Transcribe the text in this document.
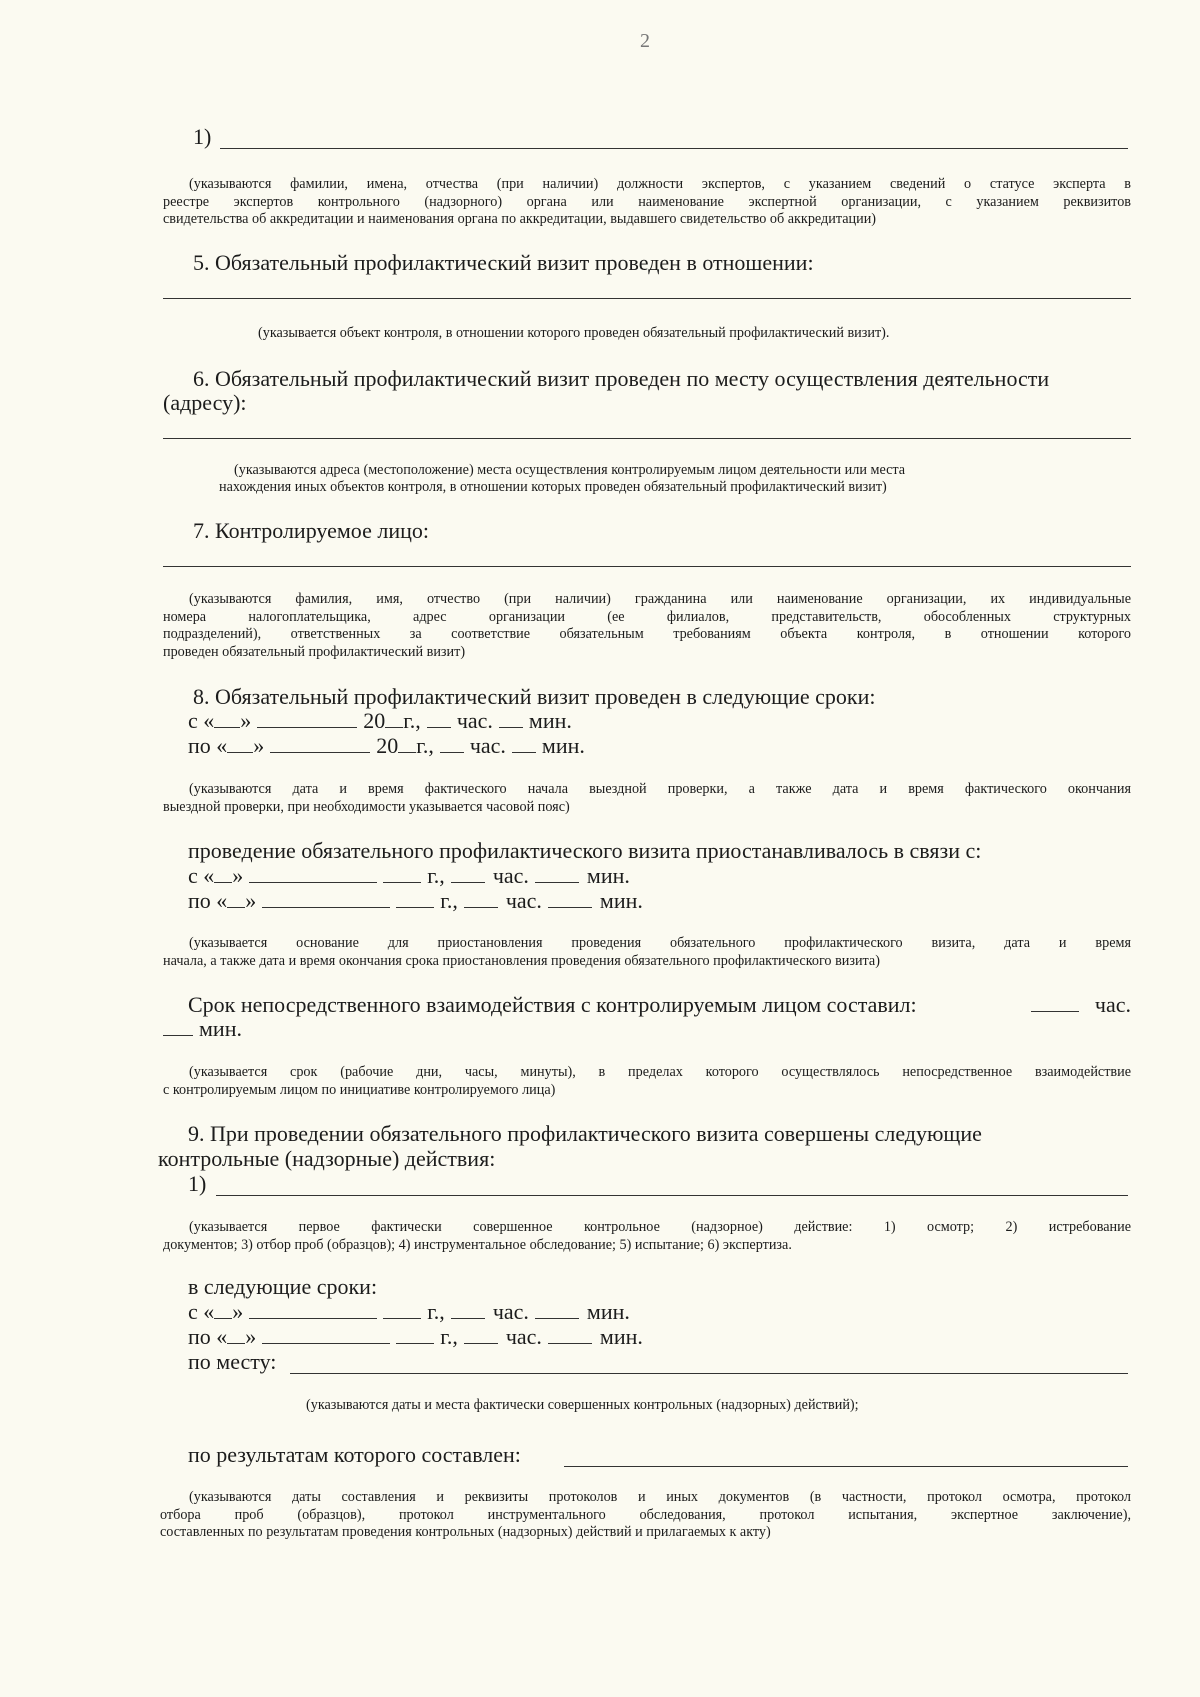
2
1)
(указываются фамилии, имена, отчества (при наличии) должности экспертов, с указанием сведений о статусе эксперта в
реестре экспертов контрольного (надзорного) органа или наименование экспертной организации, с указанием реквизитов
свидетельства об аккредитации и наименования органа по аккредитации, выдавшего свидетельство об аккредитации)
5. Обязательный профилактический визит проведен в отношении:
(указывается объект контроля, в отношении которого проведен обязательный профилактический визит).
6. Обязательный профилактический визит проведен по месту осуществления деятельности
(адресу):
(указываются адреса (местоположение) места осуществления контролируемым лицом деятельности или места
нахождения иных объектов контроля, в отношении которых проведен обязательный профилактический визит)
7. Контролируемое лицо:
(указываются фамилия, имя, отчество (при наличии) гражданина или наименование организации, их индивидуальные
номера налогоплательщика, адрес организации (ее филиалов, представительств, обособленных структурных
подразделений), ответственных за соответствие обязательным требованиям объекта контроля, в отношении которого
проведен обязательный профилактический визит)
8. Обязательный профилактический визит проведен в следующие сроки:
с « »	20 г., час. мин.
по « »	20 г., час. мин.
(указываются дата и время фактического начала выездной проверки, а также дата и время фактического окончания
выездной проверки, при необходимости указывается часовой пояс)
проведение обязательного профилактического визита приостанавливалось в связи с:
с « »	г., час.	мин.
по « »	г., час.	мин.
(указывается основание для приостановления проведения обязательного профилактического визита, дата и время
начала, а также дата и время окончания срока приостановления проведения обязательного профилактического визита)
Срок непосредственного взаимодействия с контролируемым лицом составил:	час.
мин.
(указывается срок (рабочие дни, часы, минуты), в пределах которого осуществлялось непосредственное взаимодействие
с контролируемым лицом по инициативе контролируемого лица)
9. При проведении обязательного профилактического визита совершены следующие
контрольные (надзорные) действия:
1)
(указывается первое фактически совершенное контрольное (надзорное) действие: 1) осмотр; 2) истребование
документов; 3) отбор проб (образцов); 4) инструментальное обследование; 5) испытание; 6) экспертиза.
в следующие сроки:
с « »	г., час.	мин.
по « »	г., час.	мин.
по месту:
(указываются даты и места фактически совершенных контрольных (надзорных) действий);
по результатам которого составлен:
(указываются даты составления и реквизиты протоколов и иных документов (в частности, протокол осмотра, протокол
отбора проб (образцов), протокол инструментального обследования, протокол испытания, экспертное заключение),
составленных по результатам проведения контрольных (надзорных) действий и прилагаемых к акту)
